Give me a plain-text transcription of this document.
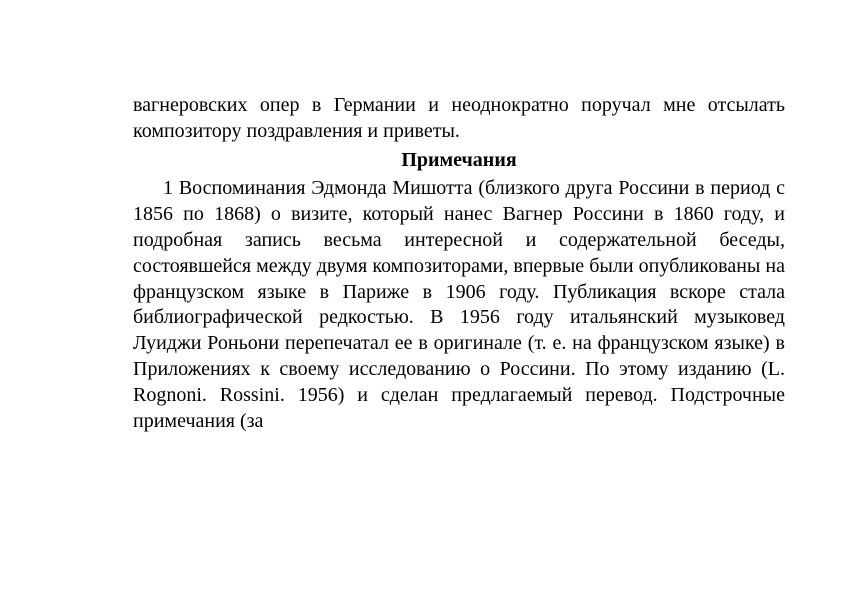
вагнеровских опер в Германии и неоднократно поручал мне отсылать композитору поздравления и приветы.

Примечания

1 Воспоминания Эдмонда Мишотта (близкого друга Россини в период с 1856 по 1868) о визите, который нанес Вагнер Россини в 1860 году, и подробная запись весьма интересной и содержательной беседы, состоявшейся между двумя композиторами, впервые были опубликованы на французском языке в Париже в 1906 году. Публикация вскоре стала библиографической редкостью. В 1956 году итальянский музыковед Луиджи Роньони перепечатал ее в оригинале (т. е. на французском языке) в Приложениях к своему исследованию о Россини. По этому изданию (L. Rognoni. Rossini. 1956) и сделан предлагаемый перевод. Подстрочные примечания (за
